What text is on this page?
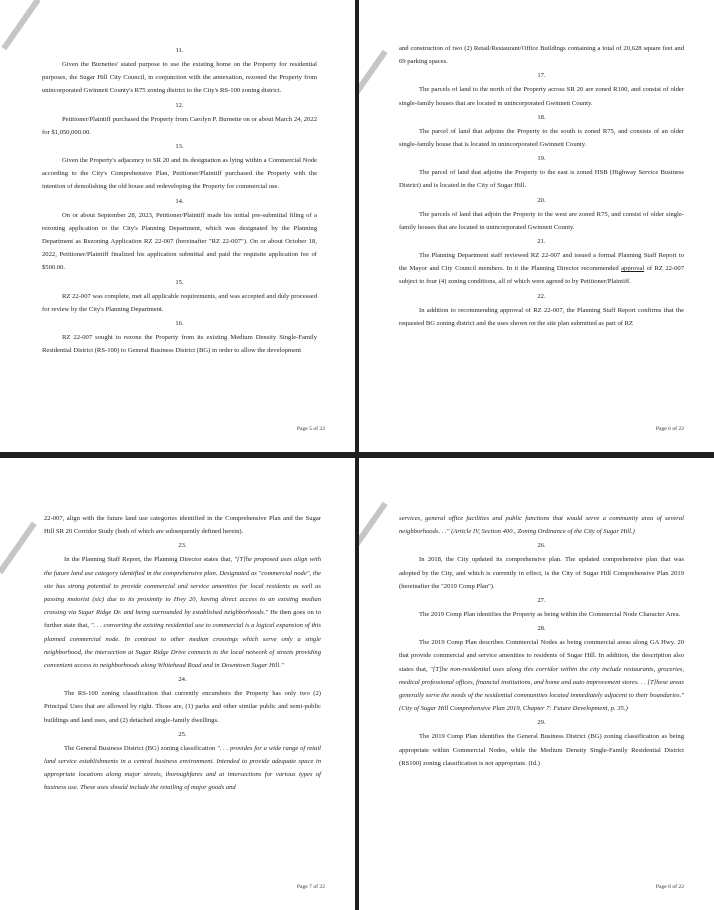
11.

Given the Burnettes' stated purpose to use the existing home on the Property for residential purposes, the Sugar Hill City Council, in conjunction with the annexation, rezoned the Property from unincorporated Gwinnett County's R75 zoning district to the City's RS-100 zoning district.

12.

Petitioner/Plaintiff purchased the Property from Carolyn P. Burnette on or about March 24, 2022 for $1,050,000.00.

13.

Given the Property's adjacency to SR 20 and its designation as lying within a Commercial Node according to the City's Comprehensive Plan, Petitioner/Plaintiff purchased the Property with the intention of demolishing the old house and redeveloping the Property for commercial use.

14.

On or about September 28, 2023, Petitioner/Plaintiff made his initial pre-submittal filing of a rezoning application to the City's Planning Department, which was designated by the Planning Department as Rezoning Application RZ 22-007 (hereinafter "RZ 22-007"). On or about October 18, 2022, Petitioner/Plaintiff finalized his application submittal and paid the requisite application fee of $500.00.

15.

RZ 22-007 was complete, met all applicable requirements, and was accepted and duly processed for review by the City's Planning Department.

16.

RZ 22-007 sought to rezone the Property from its existing Medium Density Single-Family Residential District (RS-100) to General Business District (BG) in order to allow the development

Page 5 of 22

and construction of two (2) Retail/Restaurant/Office Buildings containing a total of 20,628 square feet and 69 parking spaces.

17.

The parcels of land to the north of the Property across SR 20 are zoned R100, and consist of older single-family houses that are located in unincorporated Gwinnett County.

18.

The parcel of land that adjoins the Property to the south is zoned R75, and consists of an older single-family house that is located in unincorporated Gwinnett County.

19.

The parcel of land that adjoins the Property to the east is zoned HSB (Highway Service Business District) and is located in the City of Sugar Hill.

20.

The parcels of land that adjoin the Property to the west are zoned R75, and consist of older single-family houses that are located in unincorporated Gwinnett County.

21.

The Planning Department staff reviewed RZ 22-007 and issued a formal Planning Staff Report to the Mayor and City Council members. In it the Planning Director recommended approval of RZ 22-007 subject to four (4) zoning conditions, all of which were agreed to by Petitioner/Plaintiff.

22.

In addition to recommending approval of RZ 22-007, the Planning Staff Report confirms that the requested BG zoning district and the uses shown on the site plan submitted as part of RZ

Page 6 of 22

22-007, align with the future land use categories identified in the Comprehensive Plan and the Sugar Hill SR 20 Corridor Study (both of which are subsequently defined herein).

23.

In the Planning Staff Report, the Planning Director states that, "[T]he proposed uses align with the future land use category identified in the comprehensive plan. Designated as "commercial node", the site has strong potential to provide commercial and service amenities for local residents as well as passing motorist (sic) due to its proximity to Hwy 20, having direct access to an existing median crossing via Sugar Ridge Dr. and being surrounded by established neighborhoods." He then goes on to further state that, ". . . converting the existing residential use to commercial is a logical expansion of this planned commercial node. In contrast to other median crossings which serve only a single neighborhood, the intersection at Sugar Ridge Drive connects to the local network of streets providing convenient access to neighborhoods along Whitehead Road and in Downtown Sugar Hill."

24.

The RS-100 zoning classification that currently encumbers the Property has only two (2) Principal Uses that are allowed by right. Those are, (1) parks and other similar public and semi-public buildings and land uses, and (2) detached single-family dwellings.

25.

The General Business District (BG) zoning classification ". . . provides for a wide range of retail land service establishments in a central business environment. Intended to provide adequate space in appropriate locations along major streets, thoroughfares and at intersections for various types of business use. These uses should include the retailing of major goods and

Page 7 of 22

services, general office facilities and public functions that would serve a community area of several neighborhoods. . ." (Article IV, Section 400., Zoning Ordinance of the City of Sugar Hill.)

26.

In 2018, the City updated its comprehensive plan. The updated comprehensive plan that was adopted by the City, and which is currently in effect, is the City of Sugar Hill Comprehensive Plan 2019 (hereinafter the "2019 Comp Plan").

27.

The 2019 Comp Plan identifies the Property as being within the Commercial Node Character Area.

28.

The 2019 Comp Plan describes Commercial Nodes as being commercial areas along GA Hwy. 20 that provide commercial and service amenities to residents of Sugar Hill. In addition, the description also states that, "[T]he non-residential uses along this corridor within the city include restaurants, groceries, medical professional offices, financial institutions, and home and auto improvement stores. . . [T]hese areas generally serve the needs of the residential communities located immediately adjacent to their boundaries." (City of Sugar Hill Comprehensive Plan 2019, Chapter 7: Future Development, p. 35.)

29.

The 2019 Comp Plan identifies the General Business District (BG) zoning classification as being appropriate within Commercial Nodes, while the Medium Density Single-Family Residential District (RS100) zoning classification is not appropriate. (Id.)

Page 8 of 22
